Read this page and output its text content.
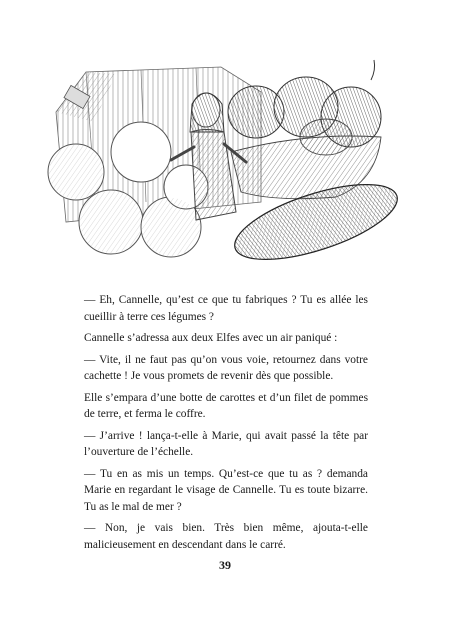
— Eh, Cannelle, qu’est ce que tu fabriques ? Tu es allée les cueillir à terre ces légumes ?

Cannelle s’adressa aux deux Elfes avec un air paniqué :

— Vite, il ne faut pas qu’on vous voie, retournez dans votre cachette ! Je vous promets de revenir dès que possible.

Elle s’empara d’une botte de carottes et d’un filet de pommes de terre, et ferma le coffre.

— J’arrive ! lança-t-elle à Marie, qui avait passé la tête par l’ouverture de l’échelle.

— Tu en as mis un temps. Qu’est-ce que tu as ? demanda Marie en regardant le visage de Cannelle. Tu es toute bizarre. Tu as le mal de mer ?

— Non, je vais bien. Très bien même, ajouta-t-elle malicieusement en descendant dans le carré.

39
